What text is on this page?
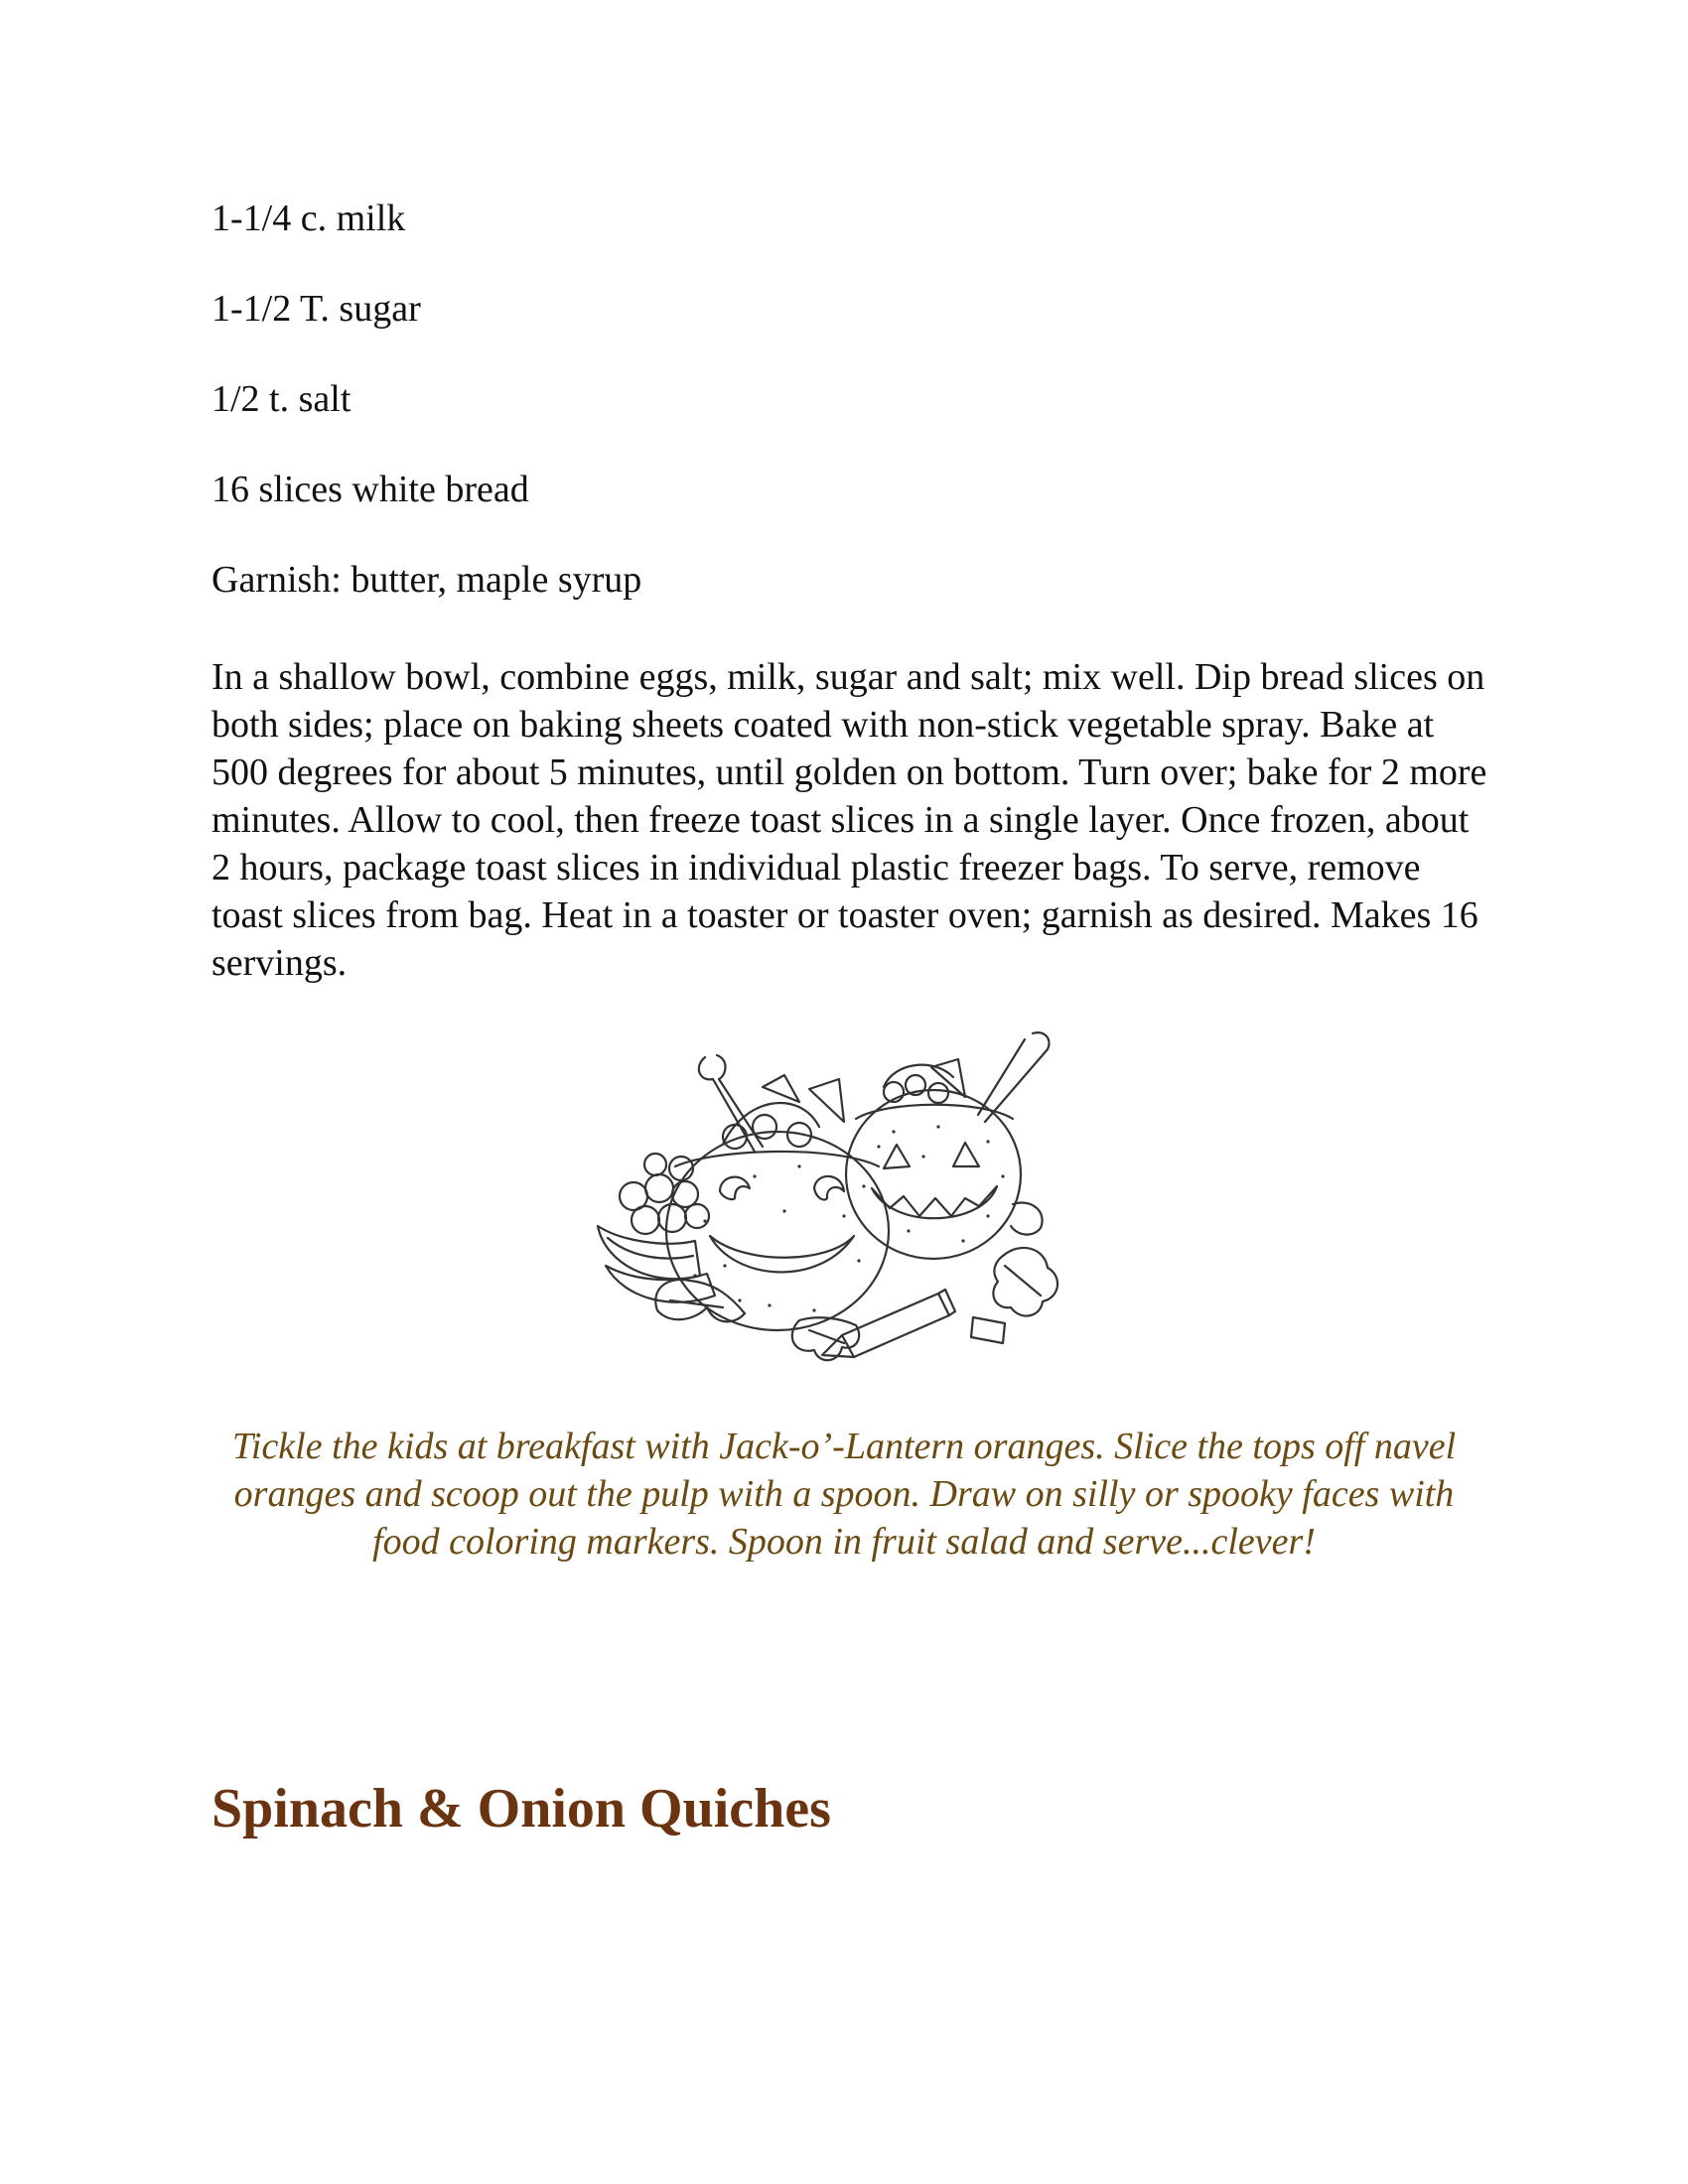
1-1/4 c. milk

1-1/2 T. sugar

1/2 t. salt

16 slices white bread

Garnish: butter, maple syrup

In a shallow bowl, combine eggs, milk, sugar and salt; mix well. Dip bread slices on both sides; place on baking sheets coated with non-stick vegetable spray. Bake at 500 degrees for about 5 minutes, until golden on bottom. Turn over; bake for 2 more minutes. Allow to cool, then freeze toast slices in a single layer. Once frozen, about 2 hours, package toast slices in individual plastic freezer bags. To serve, remove toast slices from bag. Heat in a toaster or toaster oven; garnish as desired. Makes 16 servings.

Tickle the kids at breakfast with Jack-o’-Lantern oranges. Slice the tops off navel oranges and scoop out the pulp with a spoon. Draw on silly or spooky faces with food coloring markers. Spoon in fruit salad and serve...clever!

Spinach & Onion Quiches
